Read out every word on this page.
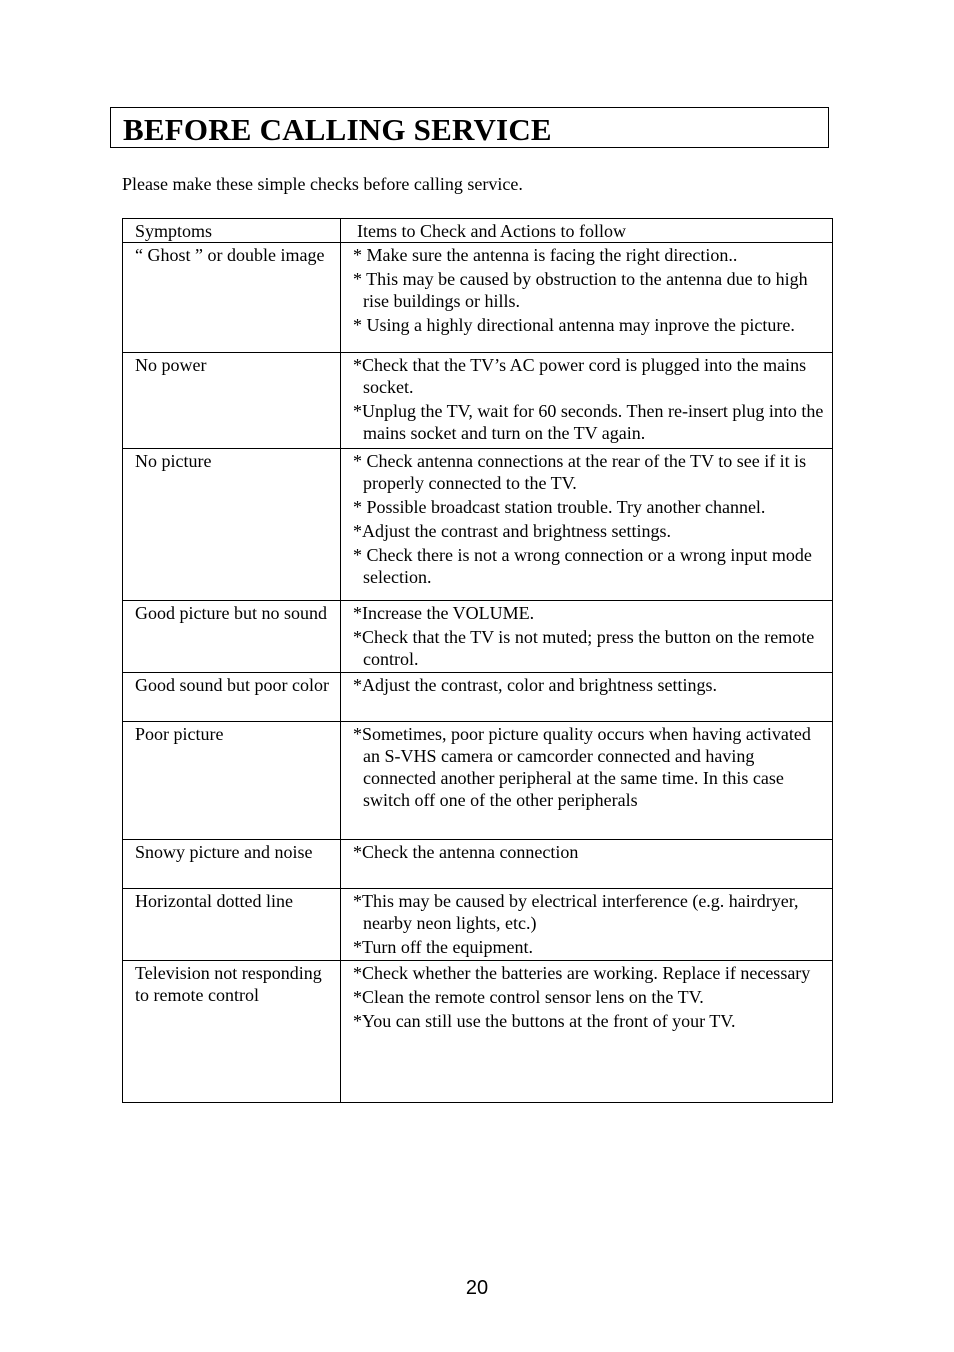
BEFORE CALLING SERVICE
Please make these simple checks before calling service.
Symptoms	Items to Check and Actions to follow
“ Ghost ” or double image	* Make sure the antenna is facing the right direction..
* This may be caused by obstruction to the antenna due to high rise buildings or hills.
* Using a highly directional antenna may inprove the picture.

No power	*Check that the TV’s AC power cord is plugged into the mains socket.
*Unplug the TV, wait for 60 seconds. Then re-insert plug into the mains socket and turn on the TV again.

No picture	* Check antenna connections at the rear of the TV to see if it is properly connected to the TV.
* Possible broadcast station trouble. Try another channel.
*Adjust the contrast and brightness settings.
* Check there is not a wrong connection or a wrong input mode selection.

Good picture but no sound	*Increase the VOLUME.
*Check that the TV is not muted; press the button on the remote control.

Good sound but poor color	*Adjust the contrast, color and brightness settings.

Poor picture	*Sometimes, poor picture quality occurs when having activated an S-VHS camera or camcorder connected and having connected another peripheral at the same time. In this case switch off one of the other peripherals

Snowy picture and noise	*Check the antenna connection

Horizontal dotted line	*This may be caused by electrical interference (e.g. hairdryer, nearby neon lights, etc.)
*Turn off the equipment.

Television not responding to remote control	*Check whether the batteries are working. Replace if necessary
*Clean the remote control sensor lens on the TV.
*You can still use the buttons at the front of your TV.
20
